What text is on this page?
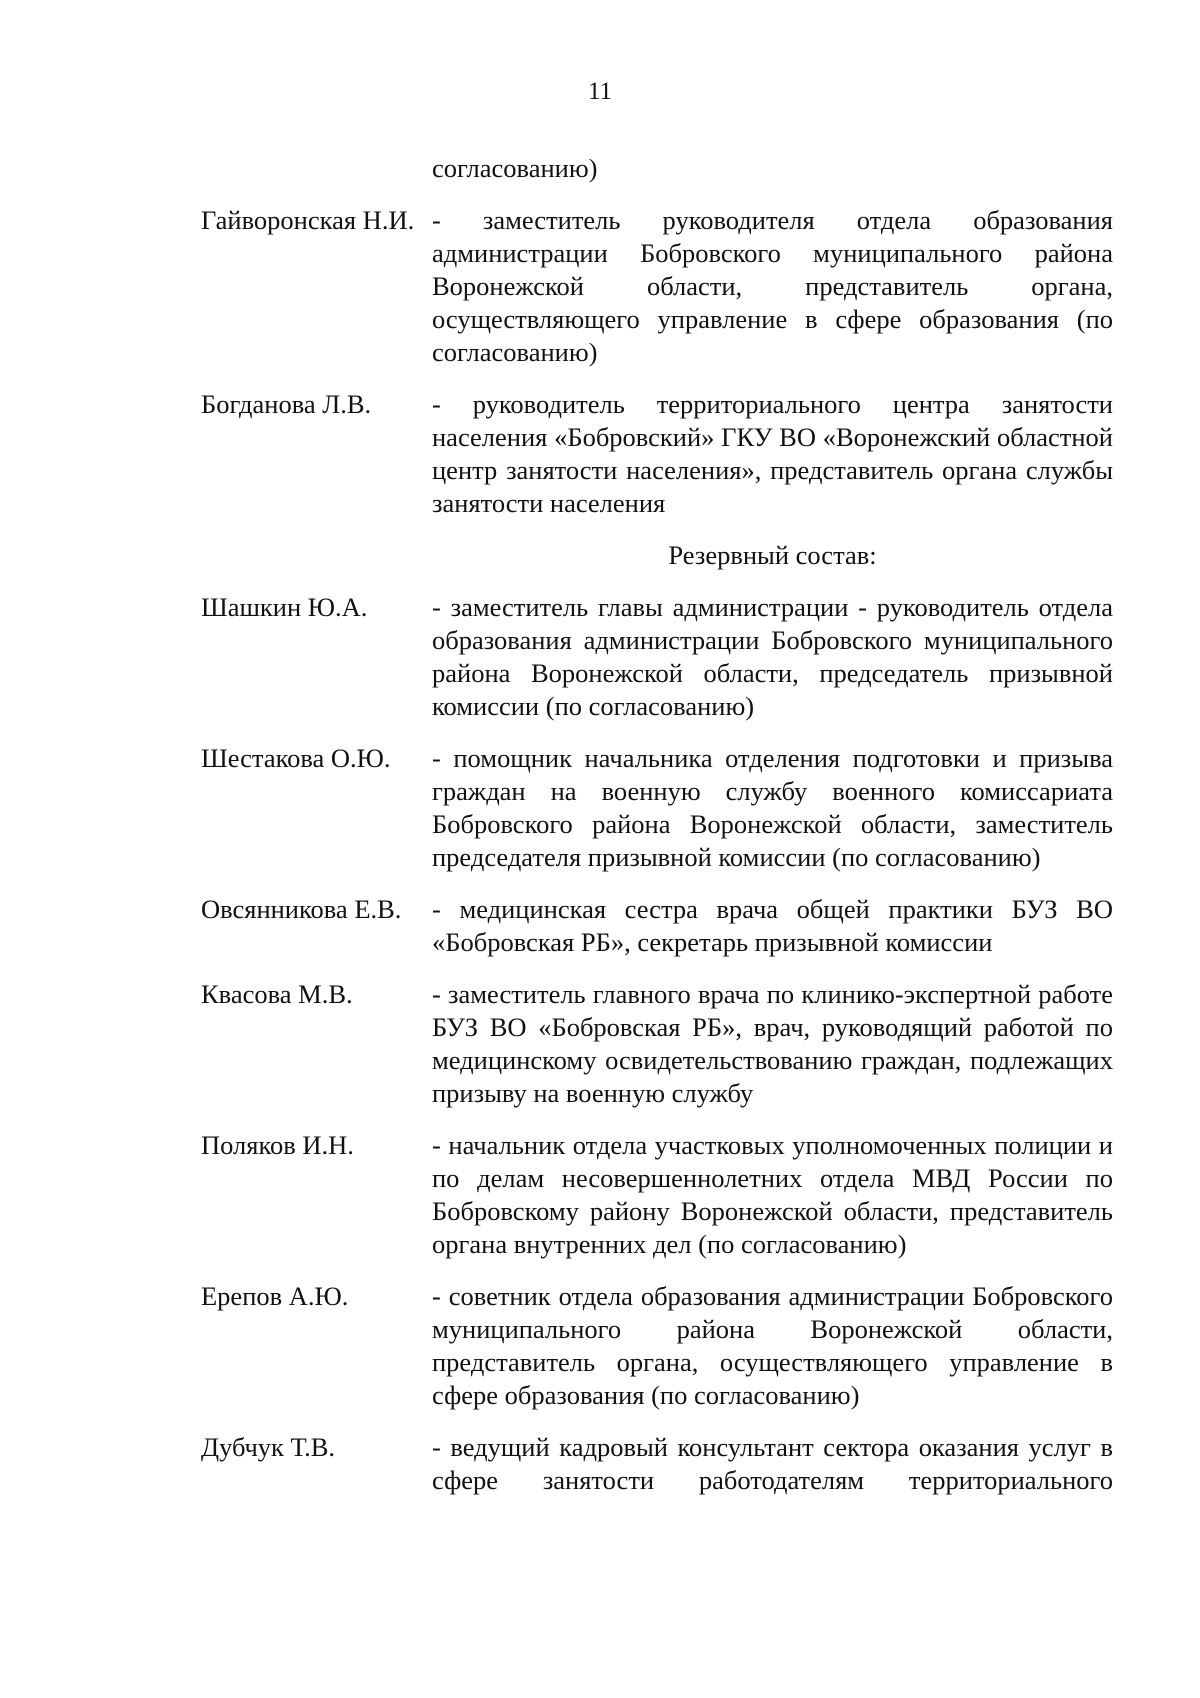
11
согласованию)
Гайворонская Н.И. - заместитель руководителя отдела образования администрации Бобровского муниципального района Воронежской области, представитель органа, осуществляющего управление в сфере образования (по согласованию)
Богданова Л.В.	- руководитель территориального центра занятости населения «Бобровский» ГКУ ВО «Воронежский областной центр занятости населения», представитель органа службы занятости населения
Резервный состав:
Шашкин Ю.А.	- заместитель главы администрации - руководитель отдела образования администрации Бобровского муниципального района Воронежской области, председатель призывной комиссии (по согласованию)
Шестакова О.Ю.	- помощник начальника отделения подготовки и призыва граждан на военную службу военного комиссариата Бобровского района Воронежской области, заместитель председателя призывной комиссии (по согласованию)
Овсянникова Е.В.	- медицинская сестра врача общей практики БУЗ ВО «Бобровская РБ», секретарь призывной комиссии
Квасова М.В.	- заместитель главного врача по клинико-экспертной работе БУЗ ВО «Бобровская РБ», врач, руководящий работой по медицинскому освидетельствованию граждан, подлежащих призыву на военную службу
Поляков И.Н.	- начальник отдела участковых уполномоченных полиции и по делам несовершеннолетних отдела МВД России по Бобровскому району Воронежской области, представитель органа внутренних дел (по согласованию)
Ерепов А.Ю.	- советник отдела образования администрации Бобровского муниципального района Воронежской области, представитель органа, осуществляющего управление в сфере образования (по согласованию)
Дубчук Т.В.	- ведущий кадровый консультант сектора оказания услуг в сфере занятости работодателям территориального
